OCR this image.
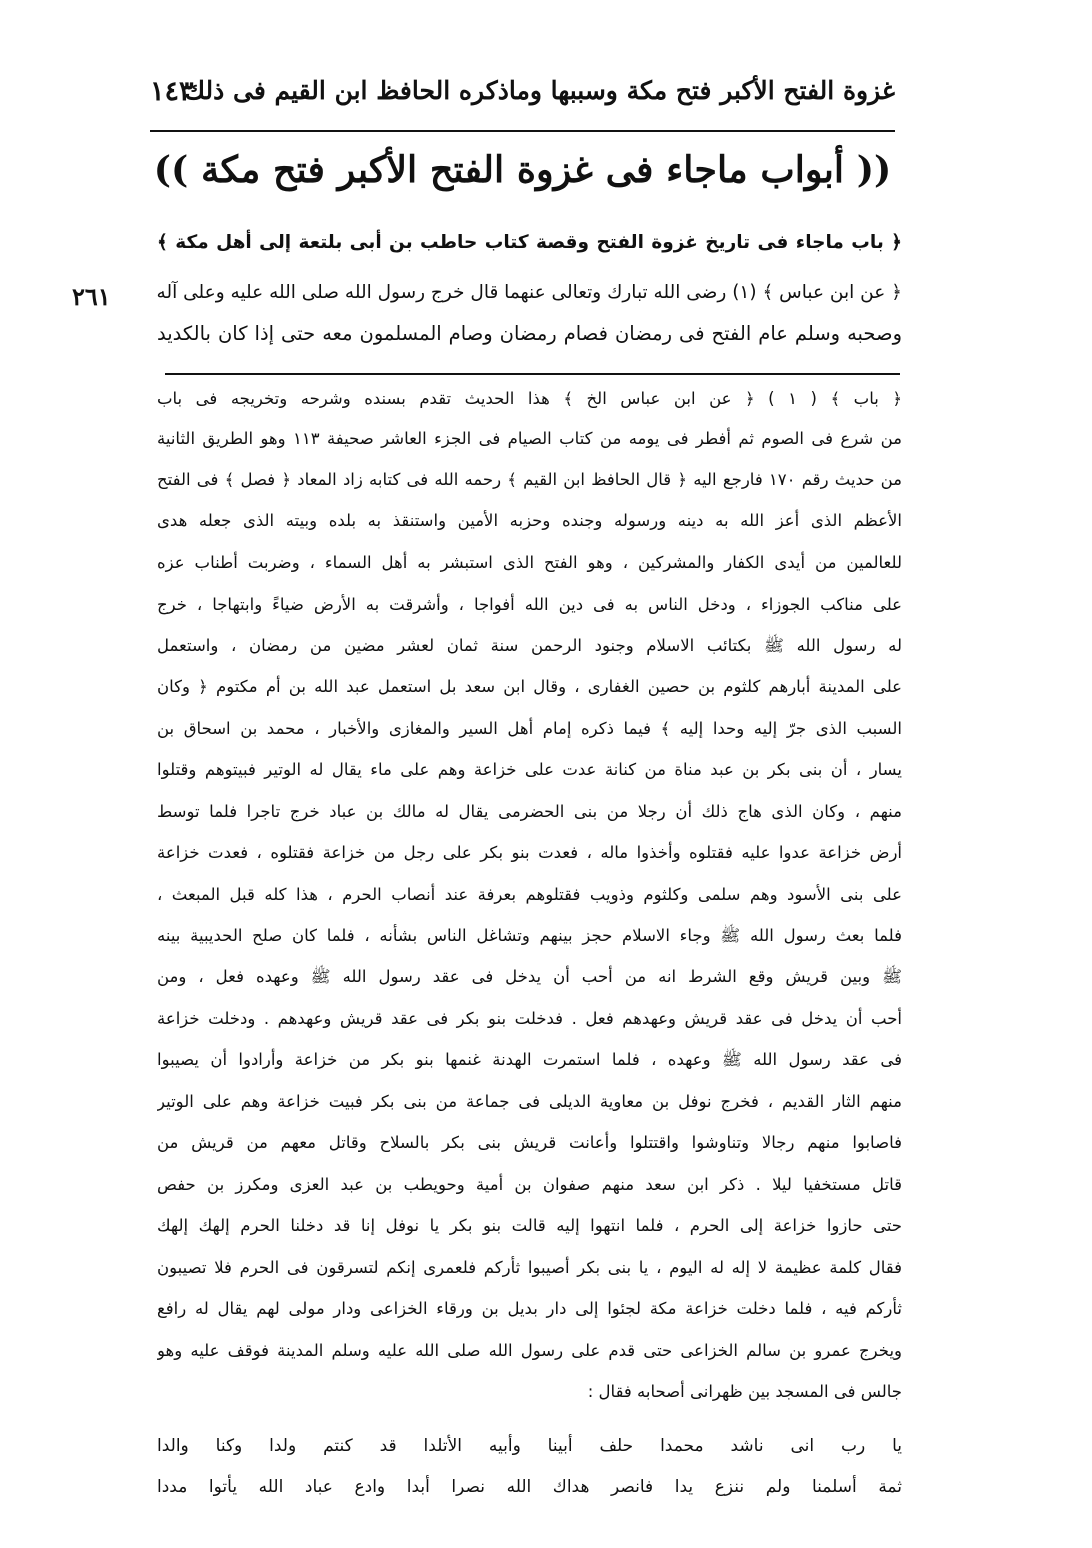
غزوة الفتح الأكبر فتح مكة وسببها وماذكره الحافظ ابن القيم فى ذلك
١٤٣
(( أبواب ماجاء فى غزوة الفتح الأكبر فتح مكة ))
٢٦١
﴿ باب ماجاء فى تاريخ غزوة الفتح وقصة كتاب حاطب بن أبى بلتعة إلى أهل مكة ﴾
﴿ عن ابن عباس ﴾ (١) رضى الله تبارك وتعالى عنهما قال خرج رسول الله صلى الله عليه وعلى آله
وصحبه وسلم عام الفتح فى رمضان فصام رمضان وصام المسلمون معه حتى إذا كان بالكديد
﴿ باب ﴾ ( ١ ) ﴿ عن ابن عباس الخ ﴾ هذا الحديث تقدم بسنده وشرحه وتخريجه فى باب
من شرع فى الصوم ثم أفطر فى يومه من كتاب الصيام فى الجزء العاشر صحيفة ١١٣ وهو الطريق الثانية
من حديث رقم ١٧٠ فارجع اليه ﴿ قال الحافظ ابن القيم ﴾ رحمه الله فى كتابه زاد المعاد ﴿ فصل ﴾ فى الفتح
الأعظم الذى أعز الله به دينه ورسوله وجنده وحزبه الأمين واستنقذ به بلده وبيته الذى جعله هدى
للعالمين من أيدى الكفار والمشركين ، وهو الفتح الذى استبشر به أهل السماء ، وضربت أطناب عزه
على مناكب الجوزاء ، ودخل الناس به فى دين الله أفواجا ، وأشرقت به الأرض ضياءً وابتهاجا ، خرج
له رسول الله ﷺ بكتائب الاسلام وجنود الرحمن سنة ثمان لعشر مضين من رمضان ، واستعمل
على المدينة أبارهم كلثوم بن حصين الغفارى ، وقال ابن سعد بل استعمل عبد الله بن أم مكتوم ﴿ وكان
السبب الذى جرّ إليه وحدا إليه ﴾ فيما ذكره إمام أهل السير والمغازى والأخبار ، محمد بن اسحاق بن
يسار ، أن بنى بكر بن عبد مناة من كنانة عدت على خزاعة وهم على ماء يقال له الوتير فبيتوهم وقتلوا
منهم ، وكان الذى هاج ذلك أن رجلا من بنى الحضرمى يقال له مالك بن عباد خرج تاجرا فلما توسط
أرض خزاعة عدوا عليه فقتلوه وأخذوا ماله ، فعدت بنو بكر على رجل من خزاعة فقتلوه ، فعدت خزاعة
على بنى الأسود وهم سلمى وكلثوم وذويب فقتلوهم بعرفة عند أنصاب الحرم ، هذا كله قبل المبعث ،
فلما بعث رسول الله ﷺ وجاء الاسلام حجز بينهم وتشاغل الناس بشأنه ، فلما كان صلح الحديبية بينه
ﷺ وبين قريش وقع الشرط انه من أحب أن يدخل فى عقد رسول الله ﷺ وعهده فعل ، ومن
أحب أن يدخل فى عقد قريش وعهدهم فعل . فدخلت بنو بكر فى عقد قريش وعهدهم . ودخلت خزاعة
فى عقد رسول الله ﷺ وعهده ، فلما استمرت الهدنة غنمها بنو بكر من خزاعة وأرادوا أن يصيبوا
منهم الثار القديم ، فخرج نوفل بن معاوية الديلى فى جماعة من بنى بكر فبيت خزاعة وهم على الوتير
فاصابوا منهم رجالا وتناوشوا واقتتلوا وأعانت قريش بنى بكر بالسلاح وقاتل معهم من قريش من
قاتل مستخفيا ليلا . ذكر ابن سعد منهم صفوان بن أمية وحويطب بن عبد العزى ومكرز بن حفص
حتى حازوا خزاعة إلى الحرم ، فلما انتهوا إليه قالت بنو بكر يا نوفل إنا قد دخلنا الحرم إلهك إلهك
فقال كلمة عظيمة لا إله له اليوم ، يا بنى بكر أصيبوا ثأركم فلعمرى إنكم لتسرقون فى الحرم فلا تصيبون
ثأركم فيه ، فلما دخلت خزاعة مكة لجئوا إلى دار بديل بن ورقاء الخزاعى ودار مولى لهم يقال له رافع
ويخرج عمرو بن سالم الخزاعى حتى قدم على رسول الله صلى الله عليه وسلم المدينة فوقف عليه وهو
جالس فى المسجد بين ظهرانى أصحابه فقال :
يا رب انى ناشد محمدا حلف أبينا وأبيه الأتلدا قد كنتم ولدا وكنا والدا
ثمة أسلمنا ولم ننزع يدا فانصر هداك الله نصرا أبدا وادع عباد الله يأتوا مددا
